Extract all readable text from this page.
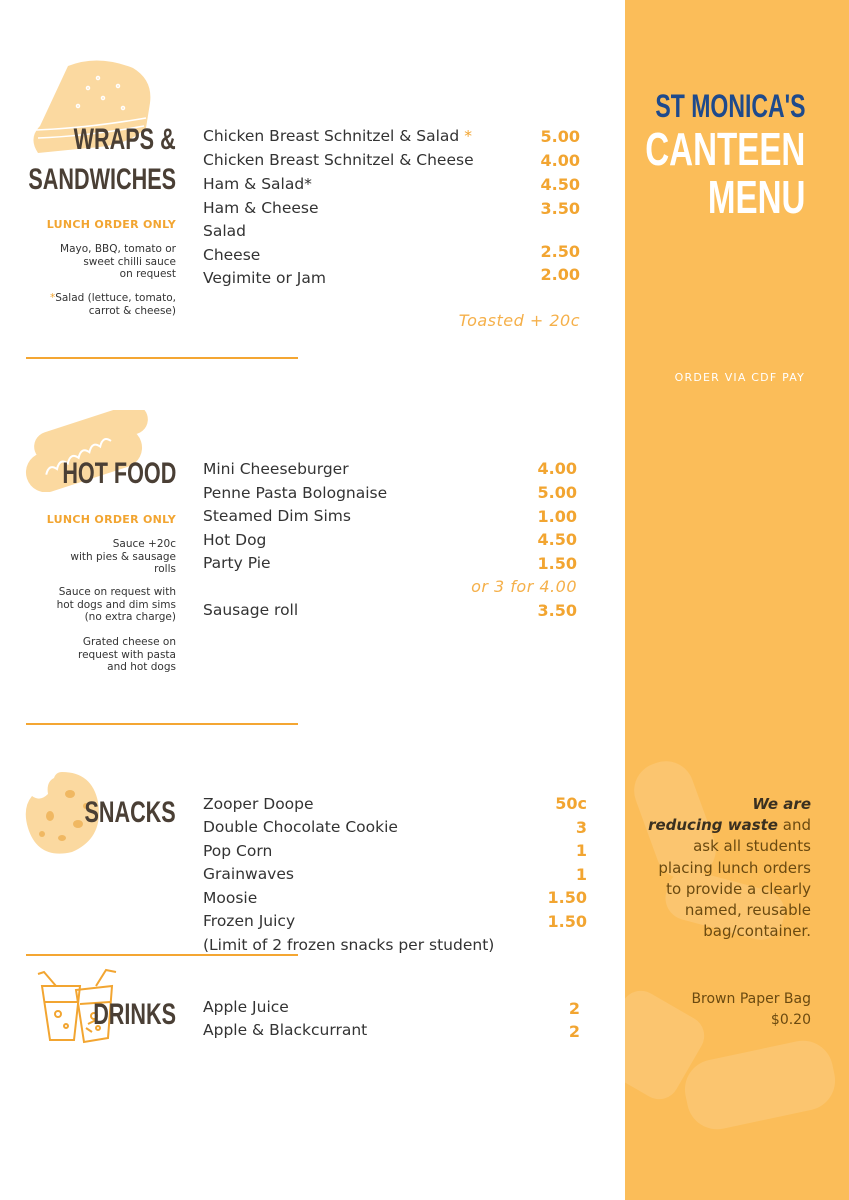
ST MONICA'S
CANTEEN
MENU
ORDER VIA CDF PAY
We are
reducing waste and ask all students placing lunch orders to provide a clearly named, reusable bag/container.
Brown Paper Bag
$0.20
WRAPS &
SANDWICHES
LUNCH ORDER ONLY
Mayo, BBQ, tomato or
sweet chilli sauce
on request
*Salad (lettuce, tomato,
carrot & cheese)
Chicken Breast Schnitzel & Salad *	5.00
Chicken Breast Schnitzel & Cheese	4.00
Ham & Salad*	4.50
Ham & Cheese	3.50
Salad
Cheese	2.50
Vegimite or Jam	2.00
Toasted + 20c
HOT FOOD
LUNCH ORDER ONLY
Sauce +20c
with pies & sausage
rolls
Sauce on request with
hot dogs and dim sims
(no extra charge)
Grated cheese on
request with pasta
and hot dogs
Mini Cheeseburger	4.00
Penne Pasta Bolognaise	5.00
Steamed Dim Sims	1.00
Hot Dog	4.50
Party Pie	1.50
or 3 for 4.00
Sausage roll	3.50
SNACKS Zooper Doope	50c
Double Chocolate Cookie	3
Pop Corn	1
Grainwaves	1
Moosie	1.50
Frozen Juicy	1.50
(Limit of 2 frozen snacks per student)
DRINKS Apple Juice	2
Apple & Blackcurrant	2
